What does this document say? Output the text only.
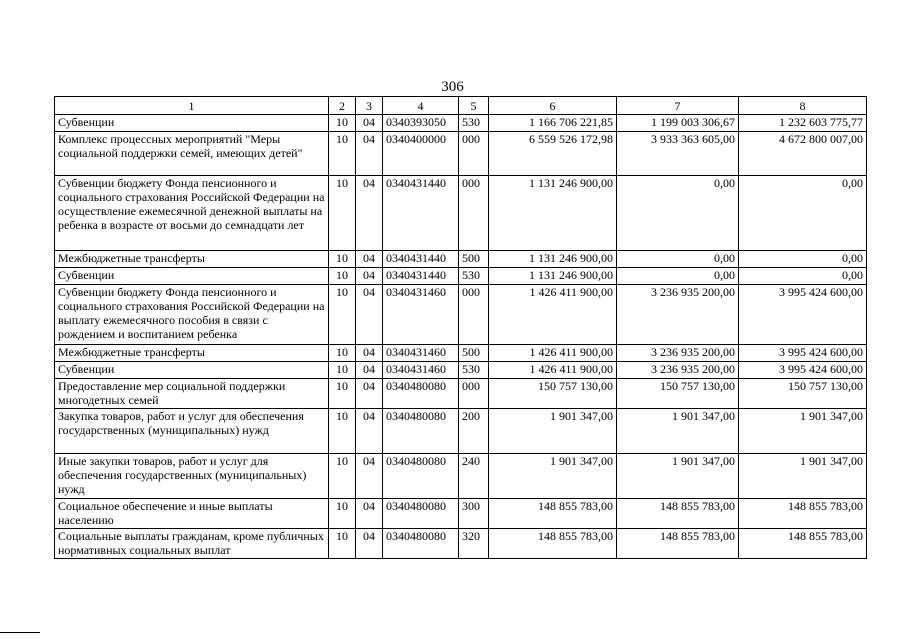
306
1	2	3	4	5	6	7	8
Субвенции	10	04	0340393050	530	1 166 706 221,85	1 199 003 306,67	1 232 603 775,77
Комплекс процессных мероприятий "Меры социальной поддержки семей, имеющих детей"	10	04	0340400000	000	6 559 526 172,98	3 933 363 605,00	4 672 800 007,00
Субвенции бюджету Фонда пенсионного и социального страхования Российской Федерации на осуществление ежемесячной денежной выплаты на ребенка в возрасте от восьми до семнадцати лет	10	04	0340431440	000	1 131 246 900,00	0,00	0,00
Межбюджетные трансферты	10	04	0340431440	500	1 131 246 900,00	0,00	0,00
Субвенции	10	04	0340431440	530	1 131 246 900,00	0,00	0,00
Субвенции бюджету Фонда пенсионного и социального страхования Российской Федерации на выплату ежемесячного пособия в связи с рождением и воспитанием ребенка	10	04	0340431460	000	1 426 411 900,00	3 236 935 200,00	3 995 424 600,00
Межбюджетные трансферты	10	04	0340431460	500	1 426 411 900,00	3 236 935 200,00	3 995 424 600,00
Субвенции	10	04	0340431460	530	1 426 411 900,00	3 236 935 200,00	3 995 424 600,00
Предоставление мер социальной поддержки многодетных семей	10	04	0340480080	000	150 757 130,00	150 757 130,00	150 757 130,00
Закупка товаров, работ и услуг для обеспечения государственных (муниципальных) нужд	10	04	0340480080	200	1 901 347,00	1 901 347,00	1 901 347,00
Иные закупки товаров, работ и услуг для обеспечения государственных (муниципальных) нужд	10	04	0340480080	240	1 901 347,00	1 901 347,00	1 901 347,00
Социальное обеспечение и иные выплаты населению	10	04	0340480080	300	148 855 783,00	148 855 783,00	148 855 783,00
Социальные выплаты гражданам, кроме публичных нормативных социальных выплат	10	04	0340480080	320	148 855 783,00	148 855 783,00	148 855 783,00
